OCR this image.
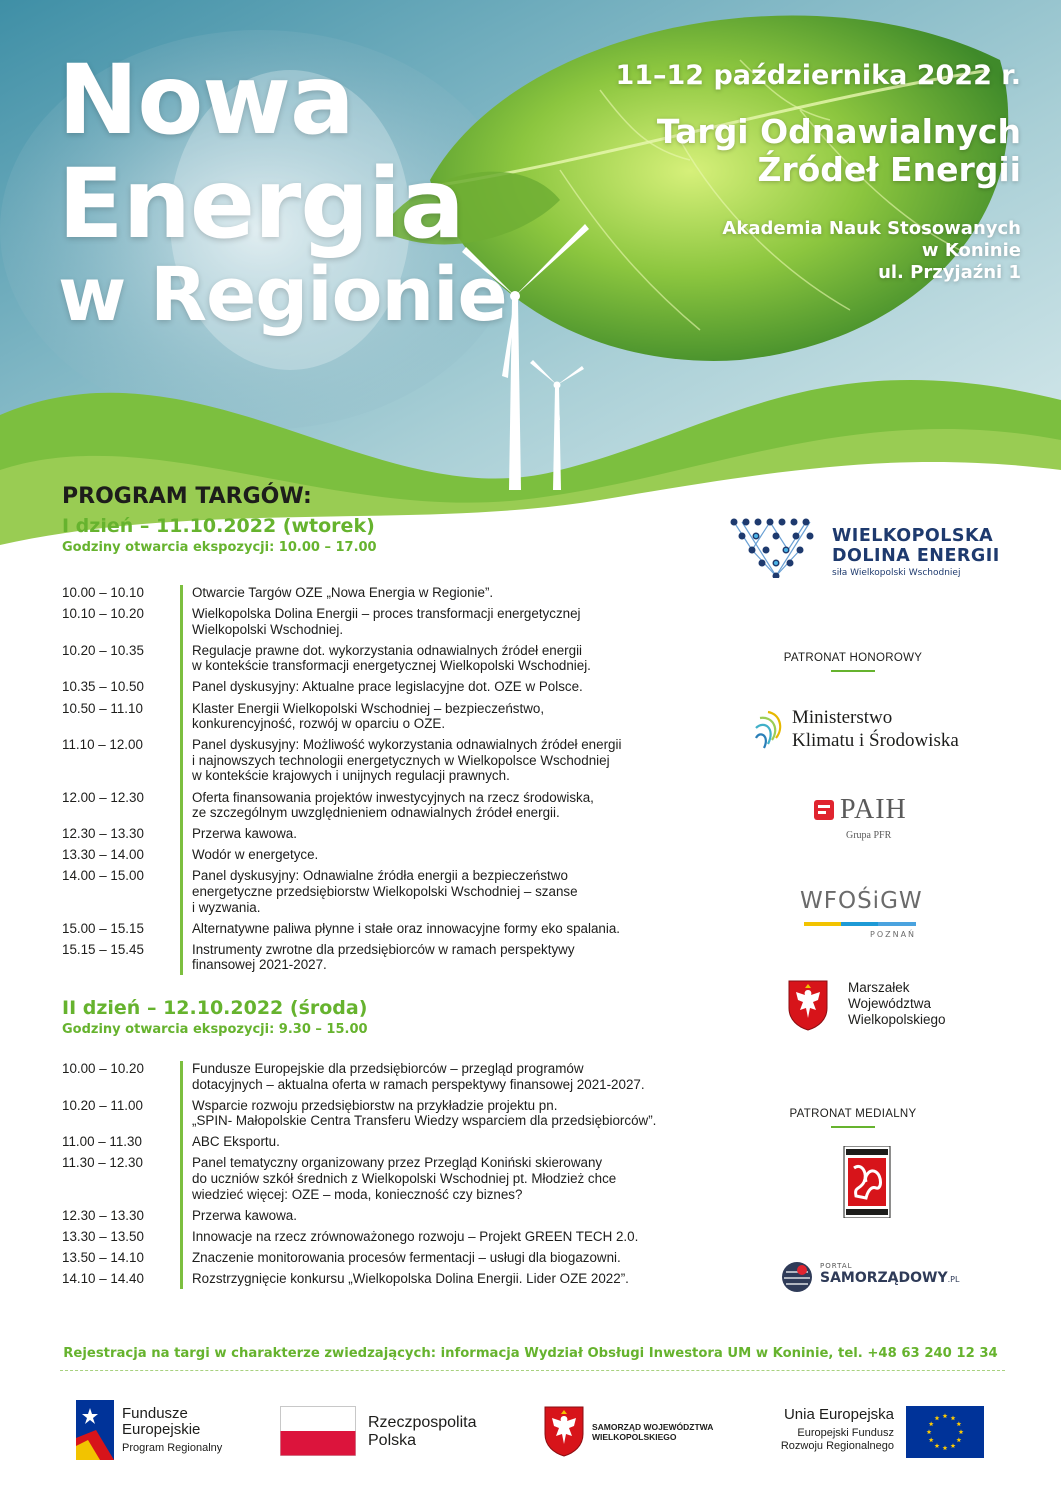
Nowa
Energia
w Regionie
11–12 października 2022 r.
Targi Odnawialnych
Źródeł Energii
Akademia Nauk Stosowanych
w Koninie
ul. Przyjaźni 1
PROGRAM TARGÓW:
I dzień – 11.10.2022 (wtorek)
Godziny otwarcia ekspozycji: 10.00 – 17.00
10.00 – 10.10	Otwarcie Targów OZE „Nowa Energia w Regionie”.
10.10 – 10.20	Wielkopolska Dolina Energii – proces transformacji energetycznej
Wielkopolski Wschodniej.
10.20 – 10.35	Regulacje prawne dot. wykorzystania odnawialnych źródeł energii
w kontekście transformacji energetycznej Wielkopolski Wschodniej.
10.35 – 10.50	Panel dyskusyjny: Aktualne prace legislacyjne dot. OZE w Polsce.
10.50 – 11.10	Klaster Energii Wielkopolski Wschodniej – bezpieczeństwo,
konkurencyjność, rozwój w oparciu o OZE.
11.10 – 12.00	Panel dyskusyjny: Możliwość wykorzystania odnawialnych źródeł energii
i najnowszych technologii energetycznych w Wielkopolsce Wschodniej
w kontekście krajowych i unijnych regulacji prawnych.
12.00 – 12.30	Oferta finansowania projektów inwestycyjnych na rzecz środowiska,
ze szczególnym uwzględnieniem odnawialnych źródeł energii.
12.30 – 13.30	Przerwa kawowa.
13.30 – 14.00	Wodór w energetyce.
14.00 – 15.00	Panel dyskusyjny: Odnawialne źródła energii a bezpieczeństwo
energetyczne przedsiębiorstw Wielkopolski Wschodniej – szanse
i wyzwania.
15.00 – 15.15	Alternatywne paliwa płynne i stałe oraz innowacyjne formy eko spalania.
15.15 – 15.45	Instrumenty zwrotne dla przedsiębiorców w ramach perspektywy
finansowej 2021-2027.
II dzień – 12.10.2022 (środa)
Godziny otwarcia ekspozycji: 9.30 – 15.00
10.00 – 10.20	Fundusze Europejskie dla przedsiębiorców – przegląd programów
dotacyjnych – aktualna oferta w ramach perspektywy finansowej 2021-2027.
10.20 – 11.00	Wsparcie rozwoju przedsiębiorstw na przykładzie projektu pn.
„SPIN- Małopolskie Centra Transferu Wiedzy wsparciem dla przedsiębiorców”.
11.00 – 11.30	ABC Eksportu.
11.30 – 12.30	Panel tematyczny organizowany przez Przegląd Koniński skierowany
do uczniów szkół średnich z Wielkopolski Wschodniej pt. Młodzież chce
wiedzieć więcej: OZE – moda, konieczność czy biznes?
12.30 – 13.30	Przerwa kawowa.
13.30 – 13.50	Innowacje na rzecz zrównoważonego rozwoju – Projekt GREEN TECH 2.0.
13.50 – 14.10	Znaczenie monitorowania procesów fermentacji – usługi dla biogazowni.
14.10 – 14.40	Rozstrzygnięcie konkursu „Wielkopolska Dolina Energii. Lider OZE 2022”.
WIELKOPOLSKA
DOLINA ENERGII
siła Wielkopolski Wschodniej
PATRONAT HONOROWY
Ministerstwo
Klimatu i Środowiska
PAIH
Grupa PFR
WFOŚiGW
POZNAŃ
Marszałek
Województwa
Wielkopolskiego
PATRONAT MEDIALNY
PORTAL
SAMORZĄDOWY.PL
Rejestracja na targi w charakterze zwiedzających: informacja Wydział Obsługi Inwestora UM w Koninie, tel. +48 63 240 12 34
Fundusze
Europejskie
Program Regionalny
Rzeczpospolita
Polska
SAMORZĄD WOJEWÓDZTWA
WIELKOPOLSKIEGO
Unia Europejska
Europejski Fundusz
Rozwoju Regionalnego
